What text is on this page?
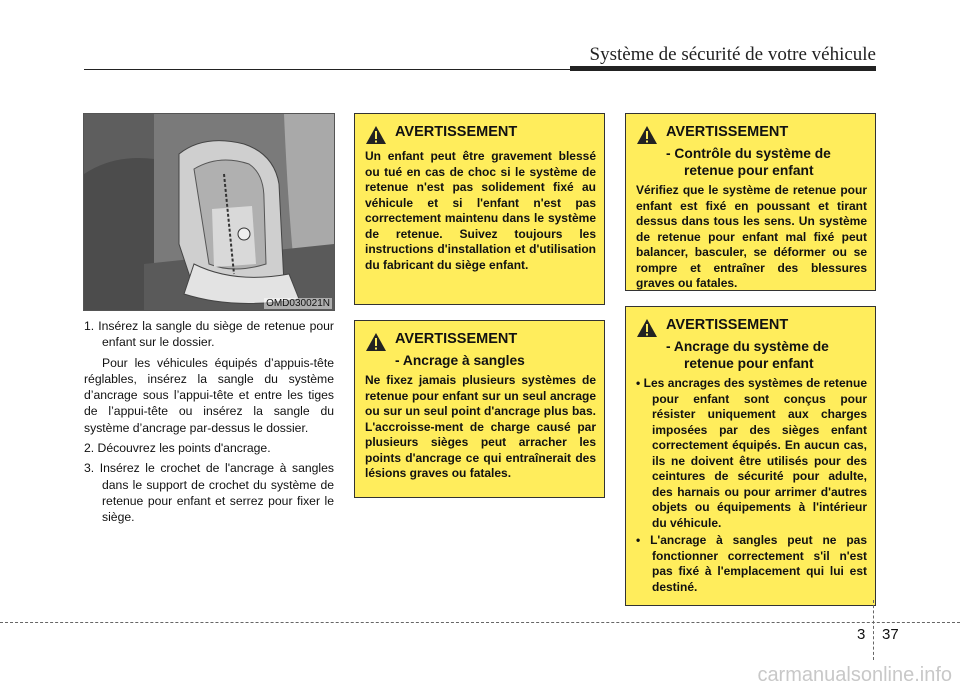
Système de sécurité de votre véhicule
OMD030021N

1. Insérez la sangle du siège de retenue pour enfant sur le dossier.

Pour les véhicules équipés d’appuis-tête réglables, insérez la sangle du système d’ancrage sous l’appui-tête et entre les tiges de l’appui-tête ou insérez la sangle du système d’ancrage par-dessus le dossier.

2. Découvrez les points d'ancrage.

3. Insérez le crochet de l'ancrage à sangles dans le support de crochet du système de retenue pour enfant et serrez pour fixer le siège.

AVERTISSEMENT
Un enfant peut être gravement blessé ou tué en cas de choc si le système de retenue n'est pas solidement fixé au véhicule et si l'enfant n'est pas correctement maintenu dans le système de retenue. Suivez toujours les instructions d'installation et d'utilisation du fabricant du siège enfant.
AVERTISSEMENT
- Ancrage à sangles
Ne fixez jamais plusieurs systèmes de retenue pour enfant sur un seul ancrage ou sur un seul point d'ancrage plus bas. L'accroisse-ment de charge causé par plusieurs sièges peut arracher les points d'ancrage ce qui entraînerait des lésions graves ou fatales.
AVERTISSEMENT
- Contrôle du système de
retenue pour enfant
Vérifiez que le système de retenue pour enfant est fixé en poussant et tirant dessus dans tous les sens. Un système de retenue pour enfant mal fixé peut balancer, basculer, se déformer ou se rompre et entraîner des blessures graves ou fatales.
AVERTISSEMENT
- Ancrage du système de
retenue pour enfant
• Les ancrages des systèmes de retenue pour enfant sont conçus pour résister uniquement aux charges imposées par des sièges enfant correctement équipés. En aucun cas, ils ne doivent être utilisés pour des ceintures de sécurité pour adulte, des harnais ou pour arrimer d'autres objets ou équipements à l'intérieur du véhicule.
• L'ancrage à sangles peut ne pas fonctionner correctement s'il n'est pas fixé à l'emplacement qui lui est destiné.
3 37
carmanualsonline.info
